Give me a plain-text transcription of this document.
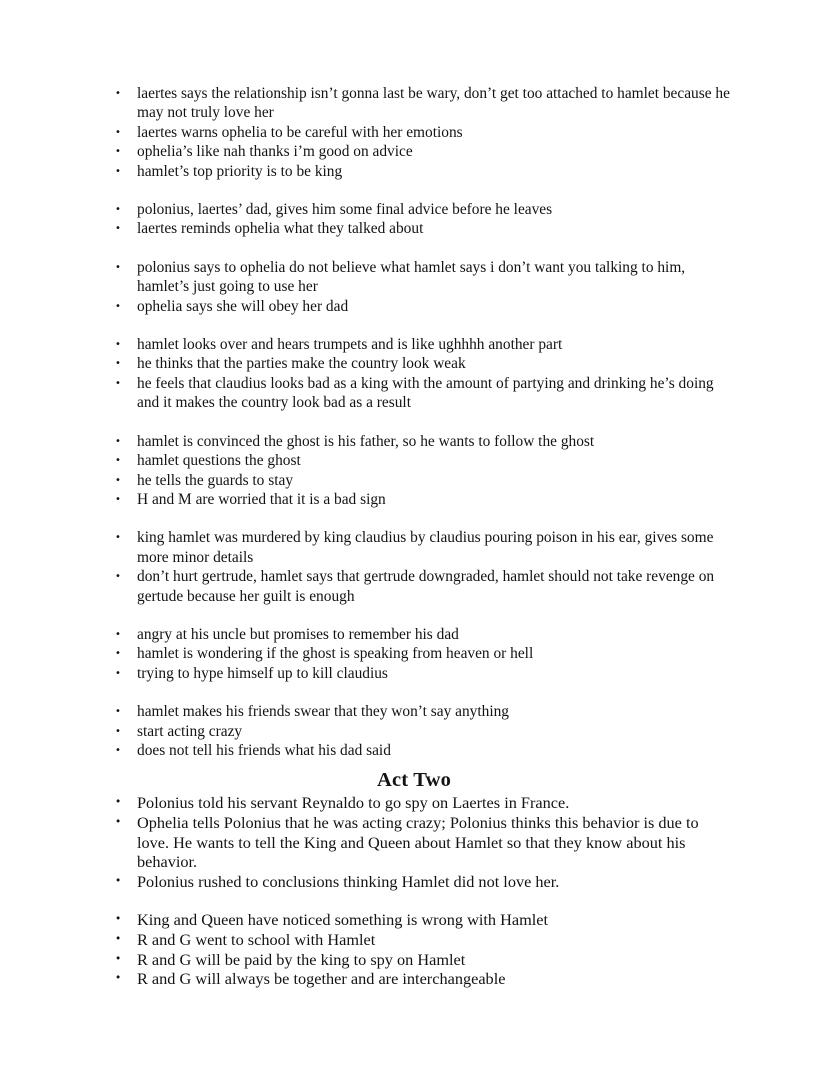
• laertes says the relationship isn’t gonna last be wary, don’t get too attached to hamlet because he may not truly love her
• laertes warns ophelia to be careful with her emotions
• ophelia’s like nah thanks i’m good on advice
• hamlet’s top priority is to be king
• polonius, laertes’ dad, gives him some final advice before he leaves
• laertes reminds ophelia what they talked about
• polonius says to ophelia do not believe what hamlet says i don’t want you talking to him, hamlet’s just going to use her
• ophelia says she will obey her dad
• hamlet looks over and hears trumpets and is like ughhhh another part
• he thinks that the parties make the country look weak
• he feels that claudius looks bad as a king with the amount of partying and drinking he’s doing and it makes the country look bad as a result
• hamlet is convinced the ghost is his father, so he wants to follow the ghost
• hamlet questions the ghost
• he tells the guards to stay
• H and M are worried that it is a bad sign
• king hamlet was murdered by king claudius by claudius pouring poison in his ear, gives some more minor details
• don’t hurt gertrude, hamlet says that gertrude downgraded, hamlet should not take revenge on gertude because her guilt is enough
• angry at his uncle but promises to remember his dad
• hamlet is wondering if the ghost is speaking from heaven or hell
• trying to hype himself up to kill claudius
• hamlet makes his friends swear that they won’t say anything
• start acting crazy
• does not tell his friends what his dad said
Act Two
• Polonius told his servant Reynaldo to go spy on Laertes in France.
• Ophelia tells Polonius that he was acting crazy; Polonius thinks this behavior is due to love. He wants to tell the King and Queen about Hamlet so that they know about his behavior.
• Polonius rushed to conclusions thinking Hamlet did not love her.
• King and Queen have noticed something is wrong with Hamlet
• R and G went to school with Hamlet
• R and G will be paid by the king to spy on Hamlet
• R and G will always be together and are interchangeable
